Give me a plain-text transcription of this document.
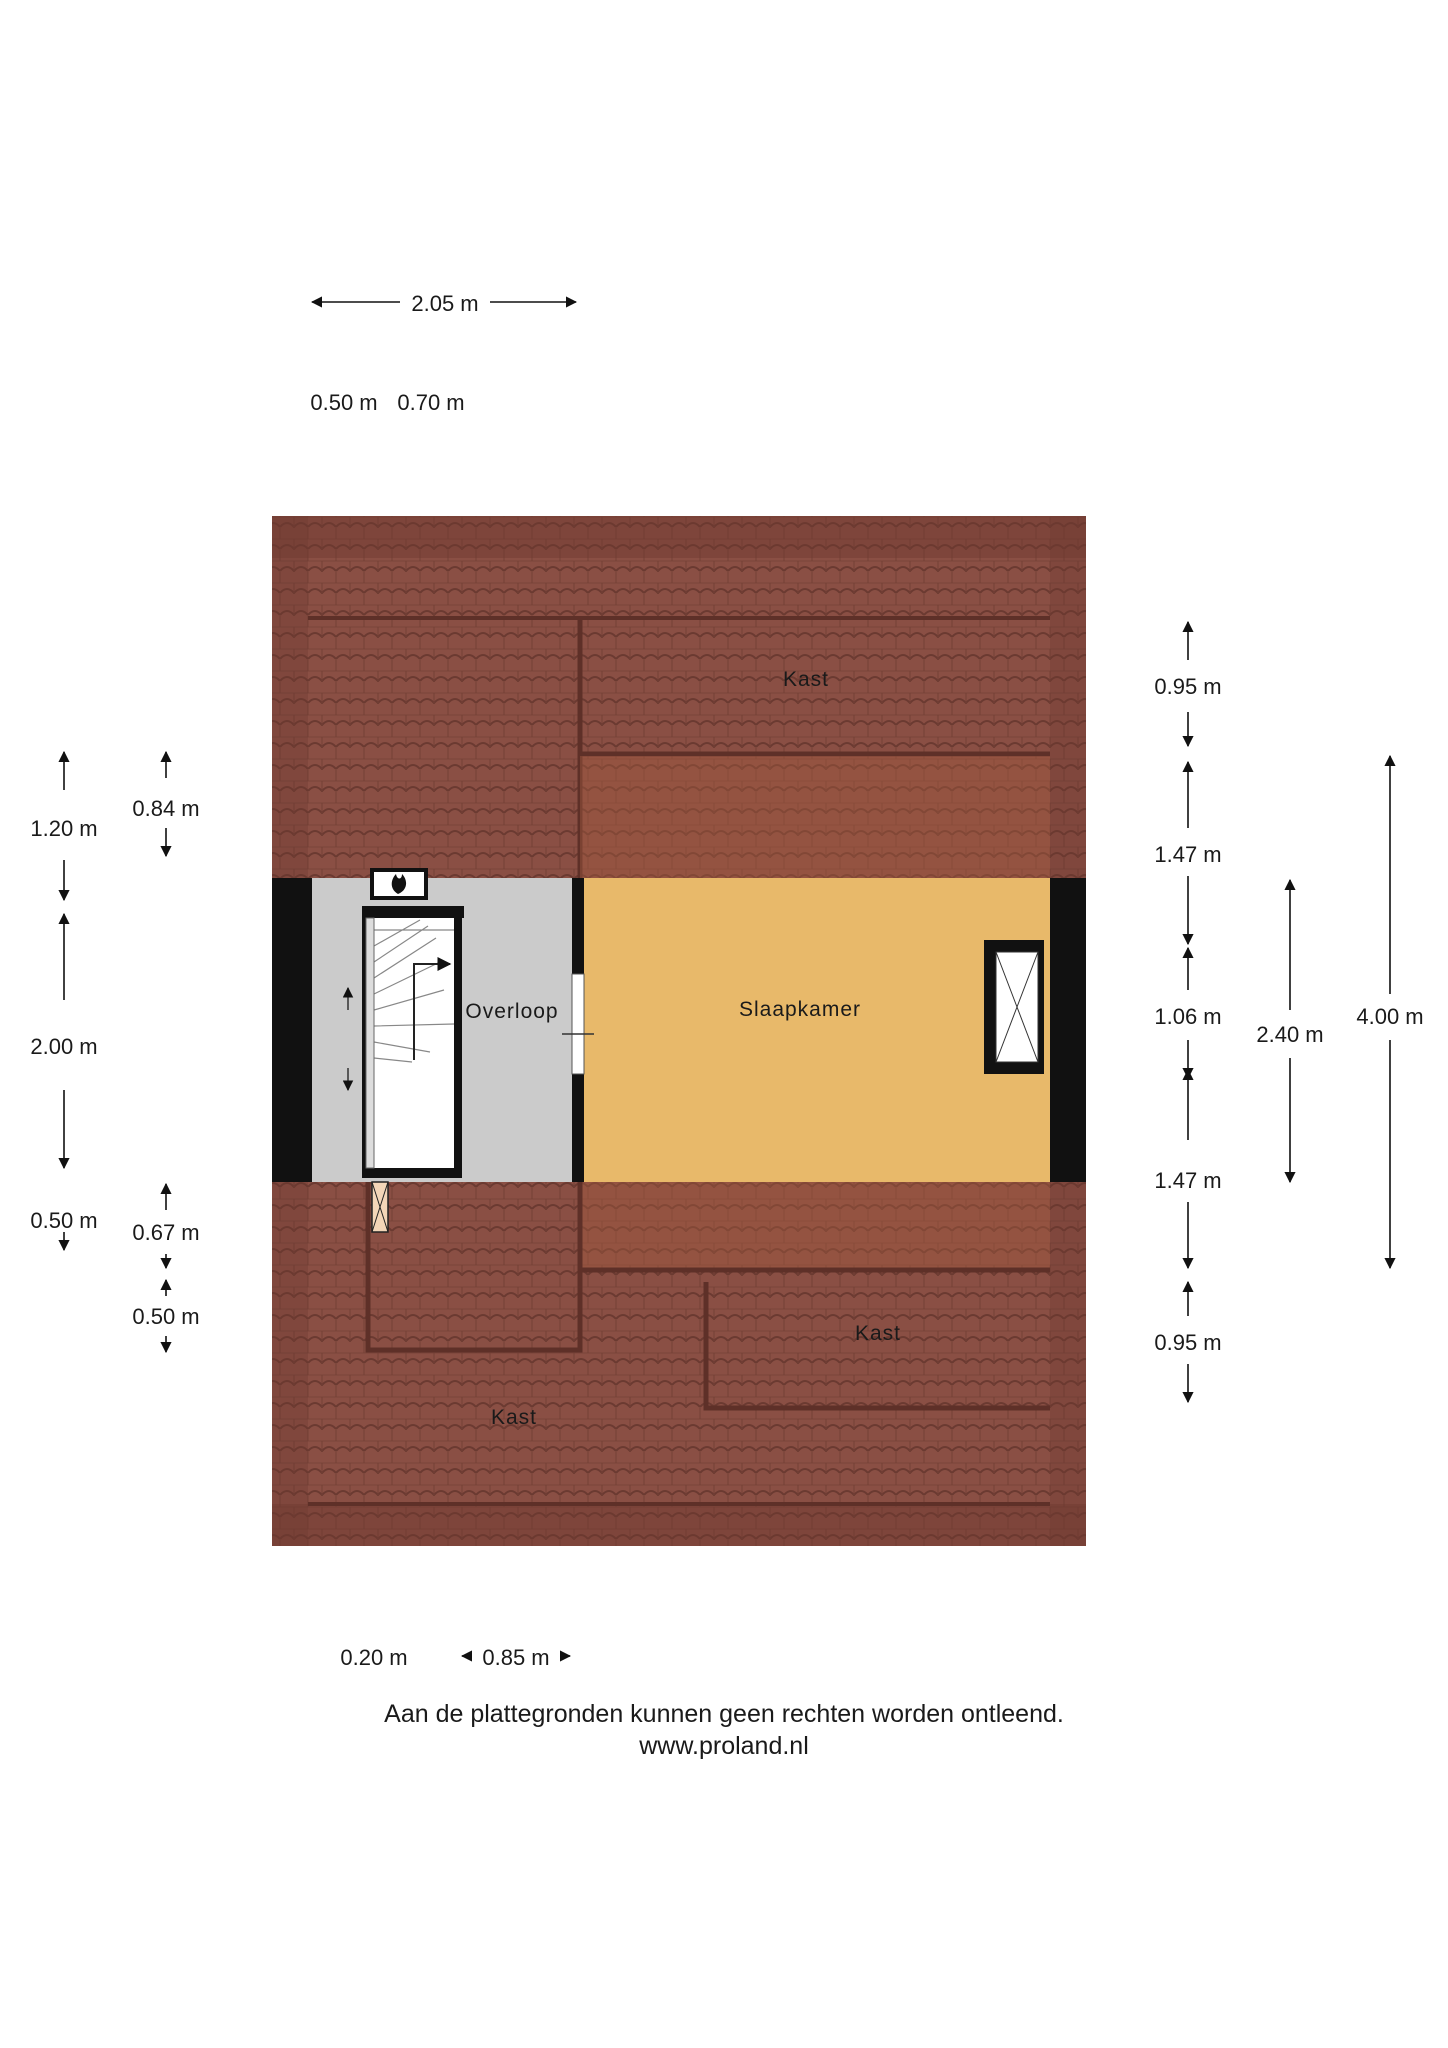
Kast
Slaapkamer
Overloop
Kast
Kast
2.05 m
0.50 m 0.70 m
1.20 m
2.00 m
0.50 m
0.84 m
0.67 m
0.50 m
0.95 m
1.47 m
1.06 m
1.47 m
0.95 m
2.40 m
4.00 m
0.20 m	0.85 m
Aan de plattegronden kunnen geen rechten worden ontleend.
www.proland.nl
